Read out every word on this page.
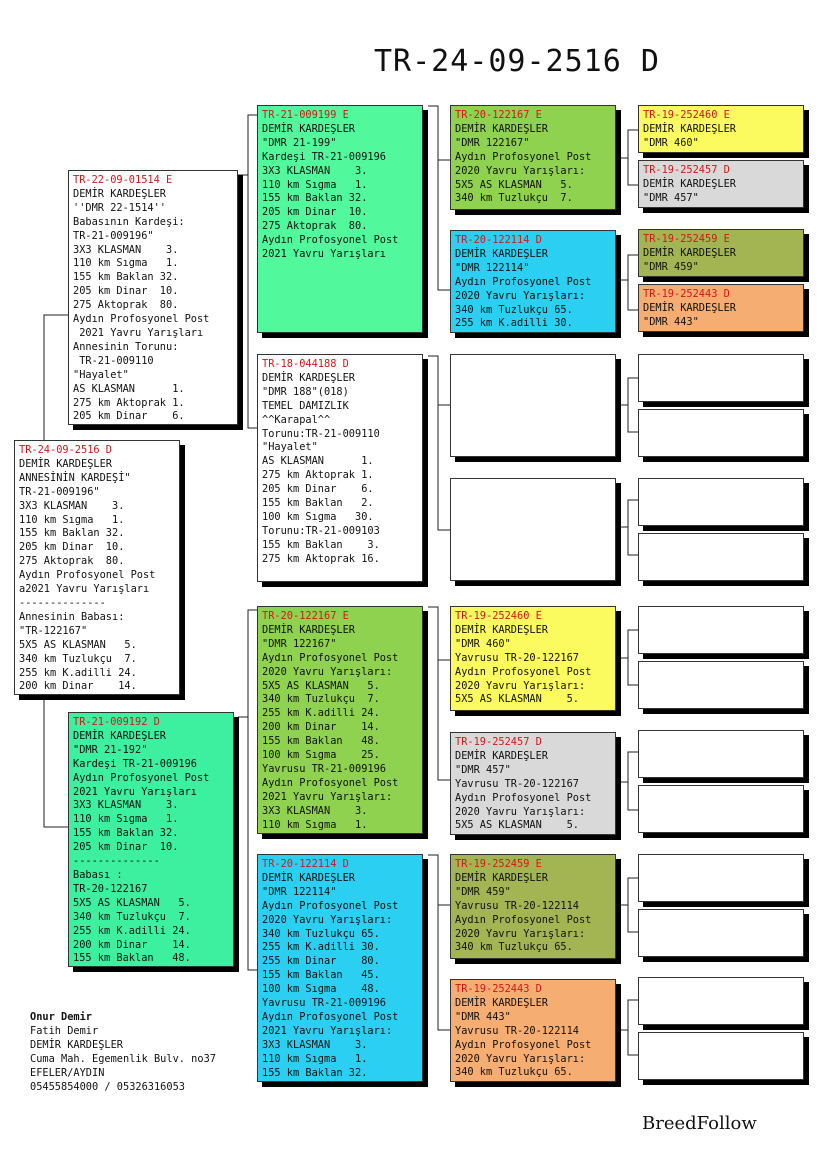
TR-24-09-2516 D
TR-24-09-2516 D
DEMİR KARDEŞLER
ANNESİNİN KARDEŞİ"
TR-21-009196"
3X3 KLASMAN    3.
110 km Sıgma   1.
155 km Baklan 32.
205 km Dinar  10.
275 Aktoprak  80.
Aydın Profosyonel Post
a2021 Yavru Yarışları
--------------
Annesinin Babası:
"TR-122167"
5X5 AS KLASMAN   5.
340 km Tuzlukçu  7.
255 km K.adilli 24.
200 km Dinar    14.
TR-22-09-01514 E
DEMİR KARDEŞLER
''DMR 22-1514''
Babasının Kardeşi:
TR-21-009196"
3X3 KLASMAN    3.
110 km Sıgma   1.
155 km Baklan 32.
205 km Dinar  10.
275 Aktoprak  80.
Aydın Profosyonel Post
2021 Yavru Yarışları
Annesinin Torunu:
TR-21-009110
"Hayalet"
AS KLASMAN      1.
275 km Aktoprak 1.
205 km Dinar    6.
TR-21-009192 D
DEMİR KARDEŞLER
"DMR 21-192"
Kardeşi TR-21-009196
Aydın Profosyonel Post
2021 Yavru Yarışları
3X3 KLASMAN    3.
110 km Sıgma   1.
155 km Baklan 32.
205 km Dinar  10.
--------------
Babası :
TR-20-122167
5X5 AS KLASMAN   5.
340 km Tuzlukçu  7.
255 km K.adilli 24.
200 km Dinar    14.
155 km Baklan   48.
TR-21-009199 E
DEMİR KARDEŞLER
"DMR 21-199"
Kardeşi TR-21-009196
3X3 KLASMAN    3.
110 km Sıgma   1.
155 km Baklan 32.
205 km Dinar  10.
275 Aktoprak  80.
Aydın Profosyonel Post
2021 Yavru Yarışları
TR-18-044188 D
DEMİR KARDEŞLER
"DMR 188"(018)
TEMEL DAMIZLIK
^^Karapal^^
Torunu:TR-21-009110
"Hayalet"
AS KLASMAN      1.
275 km Aktoprak 1.
205 km Dinar    6.
155 km Baklan   2.
100 km Sıgma   30.
Torunu:TR-21-009103
155 km Baklan    3.
275 km Aktoprak 16.
TR-20-122167 E
DEMİR KARDEŞLER
"DMR 122167"
Aydın Profosyonel Post
2020 Yavru Yarışları:
5X5 AS KLASMAN   5.
340 km Tuzlukçu  7.
255 km K.adilli 24.
200 km Dinar    14.
155 km Baklan   48.
100 km Sıgma    25.
Yavrusu TR-21-009196
Aydın Profosyonel Post
2021 Yavru Yarışları:
3X3 KLASMAN    3.
110 km Sıgma   1.
TR-20-122114 D
DEMİR KARDEŞLER
"DMR 122114"
Aydın Profosyonel Post
2020 Yavru Yarışları:
340 km Tuzlukçu 65.
255 km K.adilli 30.
255 km Dinar    80.
155 km Baklan   45.
100 km Sıgma    48.
Yavrusu TR-21-009196
Aydın Profosyonel Post
2021 Yavru Yarışları:
3X3 KLASMAN    3.
110 km Sıgma   1.
155 km Baklan 32.
TR-20-122167 E
DEMİR KARDEŞLER
"DMR 122167"
Aydın Profosyonel Post
2020 Yavru Yarışları:
5X5 AS KLASMAN   5.
340 km Tuzlukçu  7.
TR-20-122114 D
DEMİR KARDEŞLER
"DMR 122114"
Aydın Profosyonel Post
2020 Yavru Yarışları:
340 km Tuzlukçu 65.
255 km K.adilli 30.
TR-19-252460 E
DEMİR KARDEŞLER
"DMR 460"
Yavrusu TR-20-122167
Aydın Profosyonel Post
2020 Yavru Yarışları:
5X5 AS KLASMAN    5.
TR-19-252457 D
DEMİR KARDEŞLER
"DMR 457"
Yavrusu TR-20-122167
Aydın Profosyonel Post
2020 Yavru Yarışları:
5X5 AS KLASMAN    5.
TR-19-252459 E
DEMİR KARDEŞLER
"DMR 459"
Yavrusu TR-20-122114
Aydın Profosyonel Post
2020 Yavru Yarışları:
340 km Tuzlukçu 65.
TR-19-252443 D
DEMİR KARDEŞLER
"DMR 443"
Yavrusu TR-20-122114
Aydın Profosyonel Post
2020 Yavru Yarışları:
340 km Tuzlukçu 65.
TR-19-252460 E
DEMİR KARDEŞLER
"DMR 460"
TR-19-252457 D
DEMİR KARDEŞLER
"DMR 457"
TR-19-252459 E
DEMİR KARDEŞLER
"DMR 459"
TR-19-252443 D
DEMİR KARDEŞLER
"DMR 443"
Onur Demir
Fatih Demir
DEMİR KARDEŞLER
Cuma Mah. Egemenlik Bulv. no37
EFELER/AYDIN
05455854000 / 05326316053
BreedFollow
